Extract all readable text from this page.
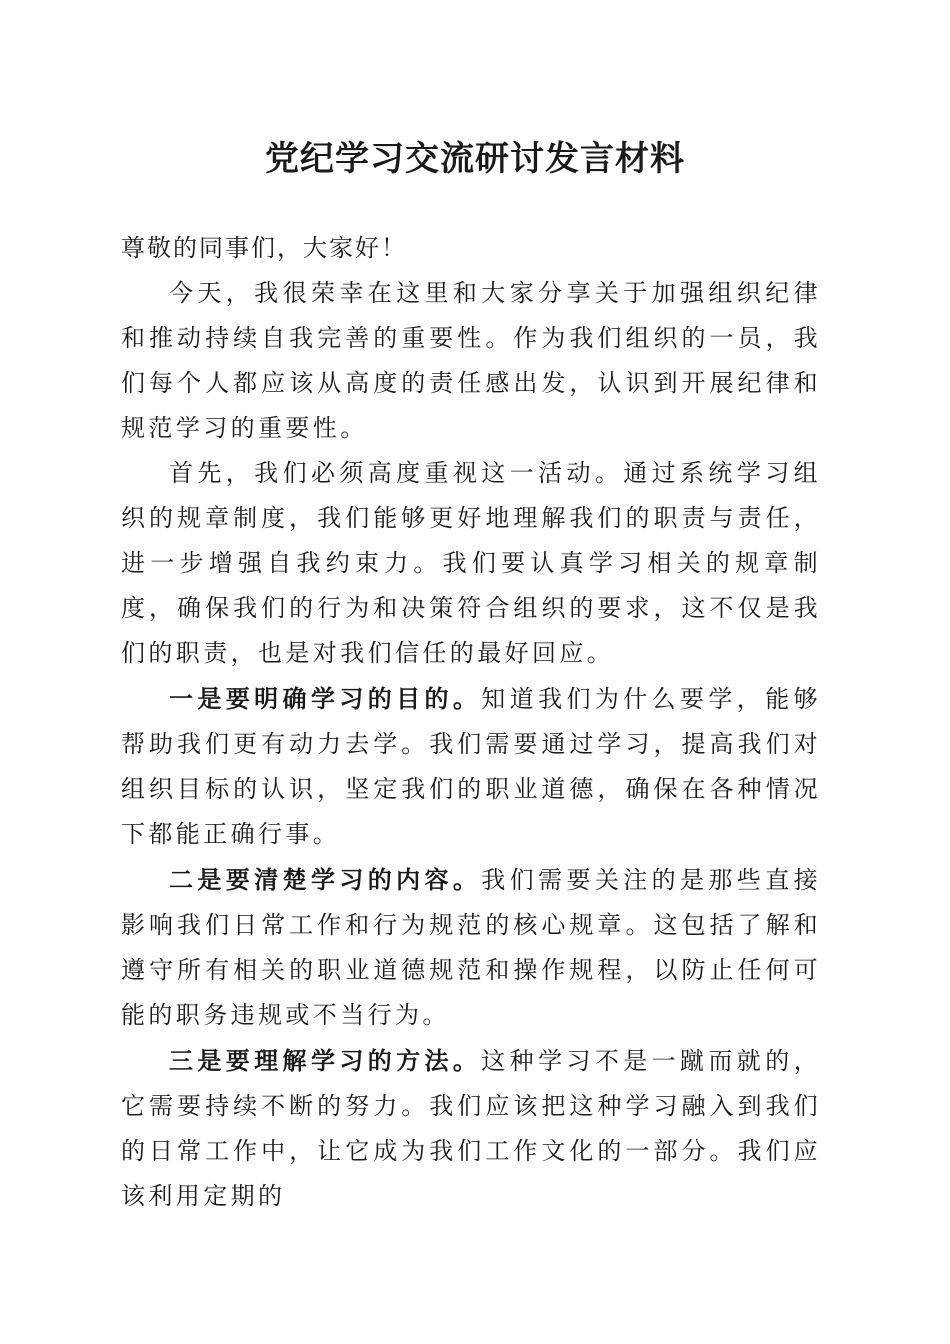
党纪学习交流研讨发言材料

尊敬的同事们，大家好！

今天，我很荣幸在这里和大家分享关于加强组织纪律和推动持续自我完善的重要性。作为我们组织的一员，我们每个人都应该从高度的责任感出发，认识到开展纪律和规范学习的重要性。

首先，我们必须高度重视这一活动。通过系统学习组织的规章制度，我们能够更好地理解我们的职责与责任，进一步增强自我约束力。我们要认真学习相关的规章制度，确保我们的行为和决策符合组织的要求，这不仅是我们的职责，也是对我们信任的最好回应。

一是要明确学习的目的。知道我们为什么要学，能够帮助我们更有动力去学。我们需要通过学习，提高我们对组织目标的认识，坚定我们的职业道德，确保在各种情况下都能正确行事。

二是要清楚学习的内容。我们需要关注的是那些直接影响我们日常工作和行为规范的核心规章。这包括了解和遵守所有相关的职业道德规范和操作规程，以防止任何可能的职务违规或不当行为。

三是要理解学习的方法。这种学习不是一蹴而就的，它需要持续不断的努力。我们应该把这种学习融入到我们的日常工作中，让它成为我们工作文化的一部分。我们应该利用定期的
